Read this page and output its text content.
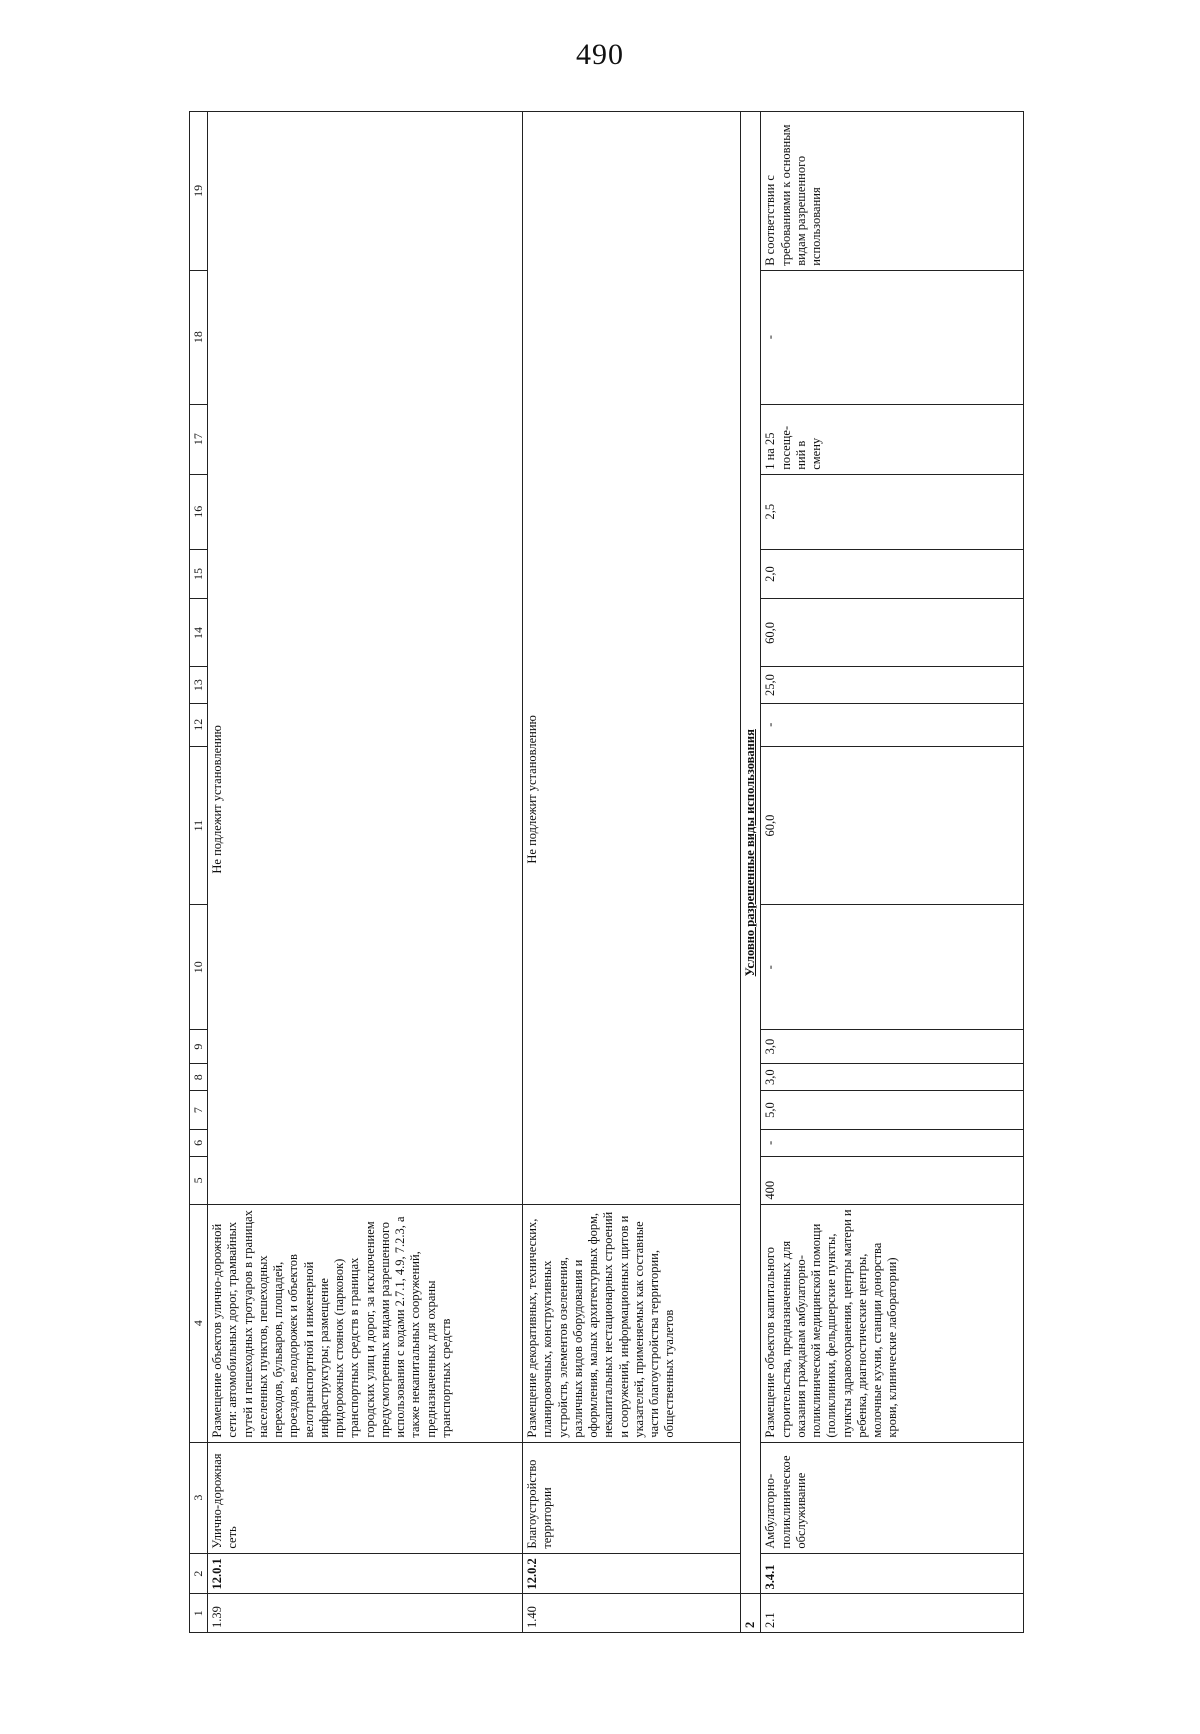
490
1	2	3	4	5	6	7	8	9	10	11	12	13	14	15	16	17	18	19
1.39	12.0.1	Улично-дорожная сеть	Размещение объектов улично-дорожной сети: автомобильных дорог, трамвайных путей и пешеходных тротуаров в границах населенных пунктов, пешеходных переходов, бульваров, площадей, проездов, велодорожек и объектов велотранспортной и инженерной инфраструктуры; размещение придорожных стоянок (парковок) транспортных средств в границах городских улиц и дорог, за исключением предусмотренных видами разрешенного использования с кодами 2.7.1, 4.9, 7.2.3, а также некапитальных сооружений, предназначенных для охраны транспортных средств	Не подлежит установлению														

1.40	12.0.2	Благоустройство территории	Размещение декоративных, технических, планировочных, конструктивных устройств, элементов озеленения, различных видов оборудования и оформления, малых архитектурных форм, некапитальных нестационарных строений и сооружений, информационных щитов и указателей, применяемых как составные части благоустройства территории, общественных туалетов	Не подлежит установлению														

2	Условно разрешенные виды использования																	
2.1	3.4.1	Амбулаторно-поликлиническое обслуживание	Размещение объектов капитального строительства, предназначенных для оказания гражданам амбулаторно-поликлинической медицинской помощи (поликлиники, фельдшерские пункты, пункты здравоохранения, центры матери и ребенка, диагностические центры, молочные кухни, станции донорства крови, клинические лаборатории)	400	-	5,0	3,0	3,0	-	60,0	-	25,0	60,0	2,0	2,5	1 на 25 посеще-ний в смену	-	В соответствии с требованиями к основным видам разрешенного использования
